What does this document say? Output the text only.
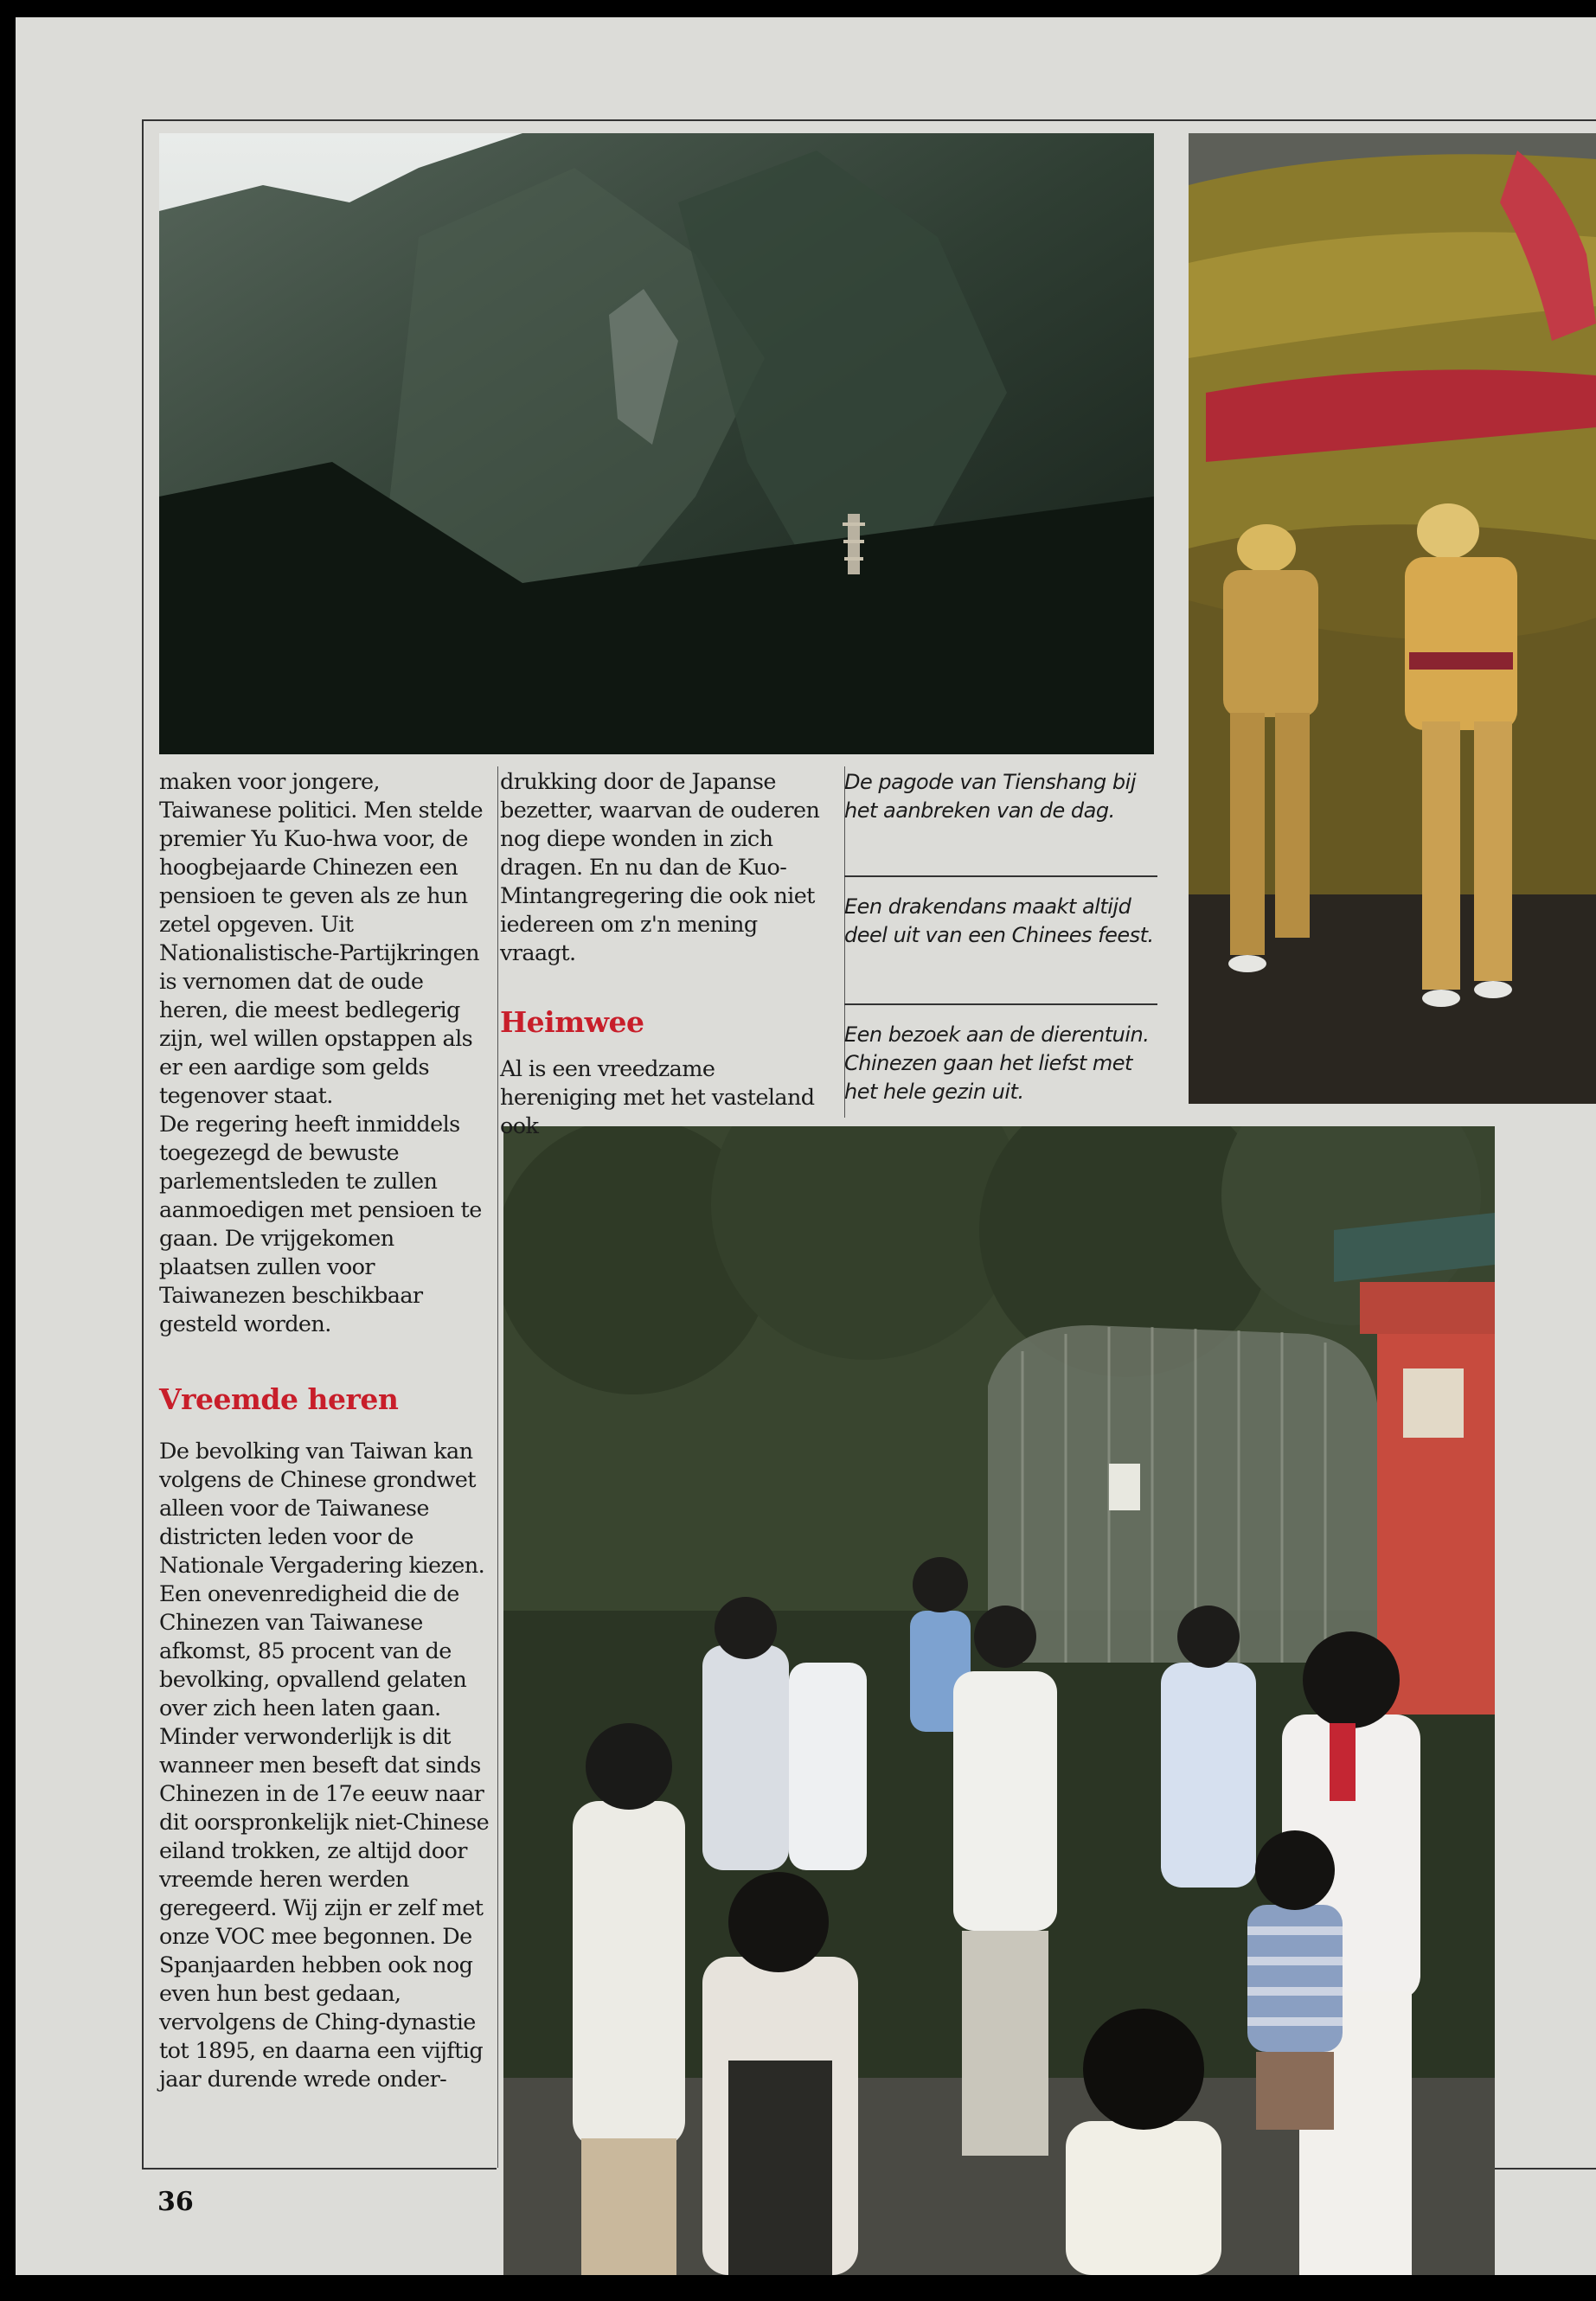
maken voor jongere, Taiwanese politici. Men stelde premier Yu Kuo-hwa voor, de hoogbejaarde Chinezen een pensioen te geven als ze hun zetel opgeven. Uit Nationalistische-Partijkringen is vernomen dat de oude heren, die meest bedlegerig zijn, wel willen opstappen als er een aardige som gelds tegenover staat.

De regering heeft inmiddels toegezegd de bewuste parlementsleden te zullen aanmoedigen met pensioen te gaan. De vrijgekomen plaatsen zullen voor Taiwanezen beschikbaar gesteld worden.

Vreemde heren

De bevolking van Taiwan kan volgens de Chinese grondwet alleen voor de Taiwanese districten leden voor de Nationale Vergadering kiezen. Een onevenredigheid die de Chinezen van Taiwanese afkomst, 85 procent van de bevolking, opvallend gelaten over zich heen laten gaan. Minder verwonderlijk is dit wanneer men beseft dat sinds Chinezen in de 17e eeuw naar dit oorspronkelijk niet-Chinese eiland trokken, ze altijd door vreemde heren werden geregeerd. Wij zijn er zelf met onze VOC mee begonnen. De Spanjaarden hebben ook nog even hun best gedaan, vervolgens de Ching-dynastie tot 1895, en daarna een vijftig jaar durende wrede onder-

drukking door de Japanse bezetter, waarvan de ouderen nog diepe wonden in zich dragen. En nu dan de Kuo-Mintangregering die ook niet iedereen om z'n mening vraagt.

Heimwee

Al is een vreedzame hereniging met het vasteland ook

De pagode van Tienshang bij het aanbreken van de dag.
Een drakendans maakt altijd deel uit van een Chinees feest.
Een bezoek aan de dierentuin. Chinezen gaan het liefst met het hele gezin uit.
36
